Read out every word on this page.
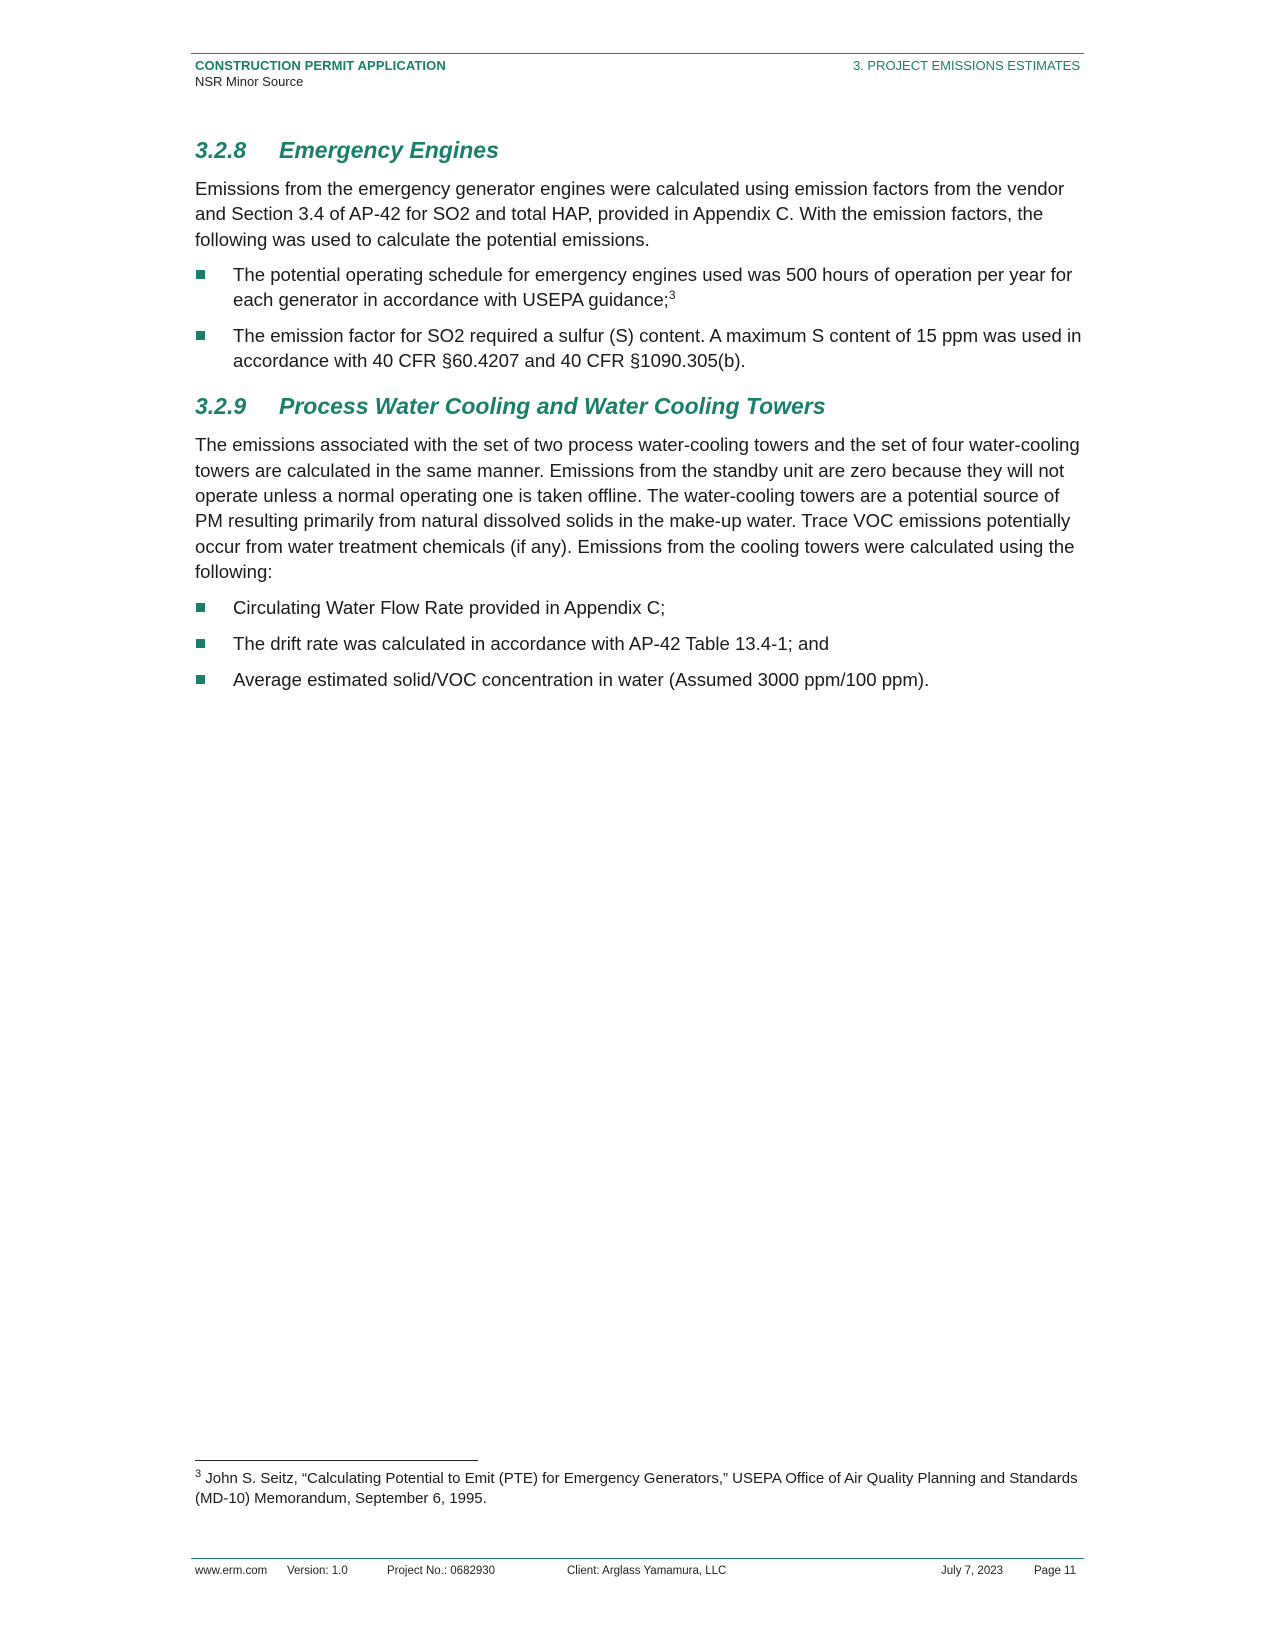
CONSTRUCTION PERMIT APPLICATION
NSR Minor Source
3. PROJECT EMISSIONS ESTIMATES
3.2.8	Emergency Engines

Emissions from the emergency generator engines were calculated using emission factors from the vendor and Section 3.4 of AP-42 for SO2 and total HAP, provided in Appendix C. With the emission factors, the following was used to calculate the potential emissions.

The potential operating schedule for emergency engines used was 500 hours of operation per year for each generator in accordance with USEPA guidance;$^3$
The emission factor for SO2 required a sulfur (S) content. A maximum S content of 15 ppm was used in accordance with 40 CFR §60.4207 and 40 CFR §1090.305(b).
3.2.9	Process Water Cooling and Water Cooling Towers

The emissions associated with the set of two process water-cooling towers and the set of four water-cooling towers are calculated in the same manner. Emissions from the standby unit are zero because they will not operate unless a normal operating one is taken offline. The water-cooling towers are a potential source of PM resulting primarily from natural dissolved solids in the make-up water. Trace VOC emissions potentially occur from water treatment chemicals (if any). Emissions from the cooling towers were calculated using the following:

Circulating Water Flow Rate provided in Appendix C;
The drift rate was calculated in accordance with AP-42 Table 13.4-1; and
Average estimated solid/VOC concentration in water (Assumed 3000 ppm/100 ppm).
$^3$ John S. Seitz, “Calculating Potential to Emit (PTE) for Emergency Generators,” USEPA Office of Air Quality Planning and Standards (MD-10) Memorandum, September 6, 1995.
www.erm.com Version: 1.0	Project No.: 0682930	Client: Arglass Yamamura, LLC	July 7, 2023	Page 11
